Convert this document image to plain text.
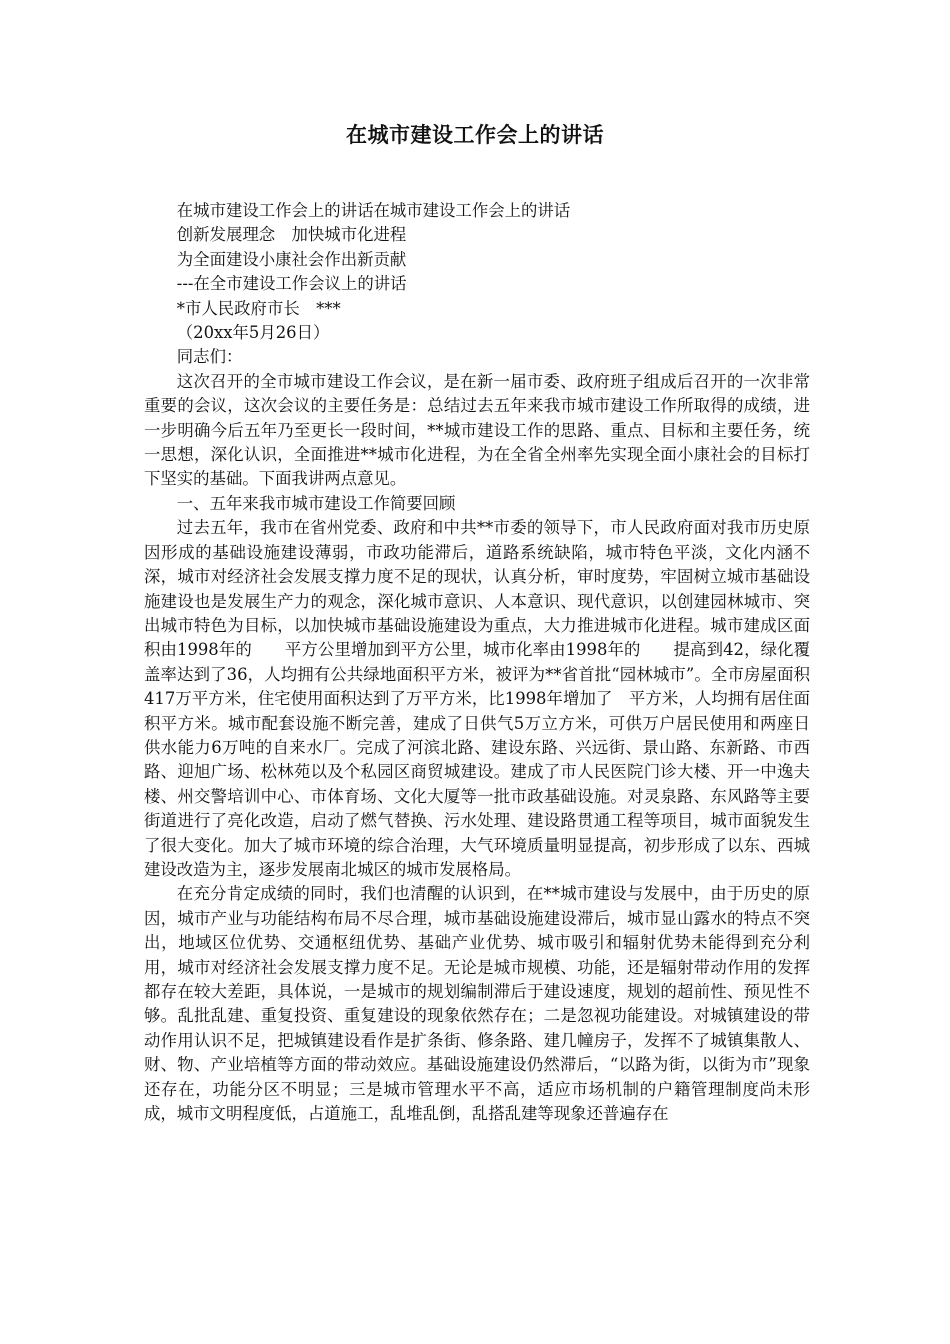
在城市建设工作会上的讲话

在城市建设工作会上的讲话在城市建设工作会上的讲话

创新发展理念　加快城市化进程

为全面建设小康社会作出新贡献

---在全市建设工作会议上的讲话

*市人民政府市长　***

（20xx年5月26日）

同志们：

这次召开的全市城市建设工作会议，是在新一届市委、政府班子组成后召开的一次非常重要的会议，这次会议的主要任务是：总结过去五年来我市城市建设工作所取得的成绩，进一步明确今后五年乃至更长一段时间，**城市建设工作的思路、重点、目标和主要任务，统一思想，深化认识，全面推进**城市化进程，为在全省全州率先实现全面小康社会的目标打下坚实的基础。下面我讲两点意见。

一、五年来我市城市建设工作简要回顾

过去五年，我市在省州党委、政府和中共**市委的领导下，市人民政府面对我市历史原因形成的基础设施建设薄弱，市政功能滞后，道路系统缺陷，城市特色平淡，文化内涵不深，城市对经济社会发展支撑力度不足的现状，认真分析，审时度势，牢固树立城市基础设施建设也是发展生产力的观念，深化城市意识、人本意识、现代意识，以创建园林城市、突出城市特色为目标，以加快城市基础设施建设为重点，大力推进城市化进程。城市建成区面积由1998年的　　平方公里增加到平方公里，城市化率由1998年的　　提高到42，绿化覆盖率达到了36，人均拥有公共绿地面积平方米，被评为**省首批“园林城市”。全市房屋面积417万平方米，住宅使用面积达到了万平方米，比1998年增加了　平方米，人均拥有居住面积平方米。城市配套设施不断完善，建成了日供气5万立方米，可供万户居民使用和两座日供水能力6万吨的自来水厂。完成了河滨北路、建设东路、兴远街、景山路、东新路、市西路、迎旭广场、松林苑以及个私园区商贸城建设。建成了市人民医院门诊大楼、开一中逸夫楼、州交警培训中心、市体育场、文化大厦等一批市政基础设施。对灵泉路、东风路等主要街道进行了亮化改造，启动了燃气替换、污水处理、建设路贯通工程等项目，城市面貌发生了很大变化。加大了城市环境的综合治理，大气环境质量明显提高，初步形成了以东、西城建设改造为主，逐步发展南北城区的城市发展格局。

在充分肯定成绩的同时，我们也清醒的认识到，在**城市建设与发展中，由于历史的原因，城市产业与功能结构布局不尽合理，城市基础设施建设滞后，城市显山露水的特点不突出，地域区位优势、交通枢纽优势、基础产业优势、城市吸引和辐射优势未能得到充分利用，城市对经济社会发展支撑力度不足。无论是城市规模、功能，还是辐射带动作用的发挥都存在较大差距，具体说，一是城市的规划编制滞后于建设速度，规划的超前性、预见性不够。乱批乱建、重复投资、重复建设的现象依然存在；二是忽视功能建设。对城镇建设的带动作用认识不足，把城镇建设看作是扩条街、修条路、建几幢房子，发挥不了城镇集散人、财、物、产业培植等方面的带动效应。基础设施建设仍然滞后，“以路为街，以街为市”现象还存在，功能分区不明显；三是城市管理水平不高，适应市场机制的户籍管理制度尚未形成，城市文明程度低，占道施工，乱堆乱倒，乱搭乱建等现象还普遍存在
